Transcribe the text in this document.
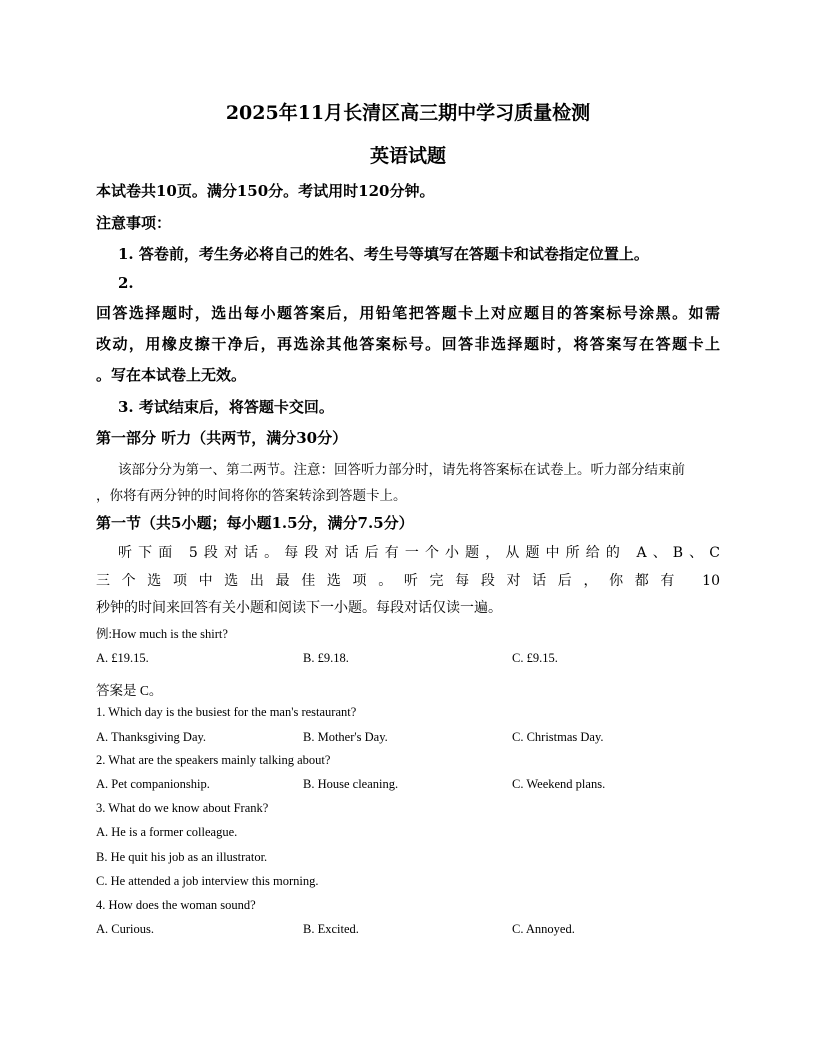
2025年11月长清区高三期中学习质量检测
英语试题
本试卷共10页。满分150分。考试用时120分钟。
注意事项：
1. 答卷前，考生务必将自己的姓名、考生号等填写在答题卡和试卷指定位置上。
2.
回答选择题时，选出每小题答案后，用铅笔把答题卡上对应题目的答案标号涂黑。如需
改动，用橡皮擦干净后，再选涂其他答案标号。回答非选择题时，将答案写在答题卡上
。写在本试卷上无效。
3. 考试结束后，将答题卡交回。
第一部分 听力（共两节，满分30分）
该部分分为第一、第二两节。注意：回答听力部分时，请先将答案标在试卷上。听力部分结束前
，你将有两分钟的时间将你的答案转涂到答题卡上。
第一节（共5小题；每小题1.5分，满分7.5分）
听下面 5段对话。每段对话后有一个小题，从题中所给的 A、B、C
三个选项中选出最佳选项。听完每段对话后，你都有 10
秒钟的时间来回答有关小题和阅读下一小题。每段对话仅读一遍。
例:How much is the shirt?
A. £19.15.	B. £9.18.	C. £9.15.
答案是 C。
1. Which day is the busiest for the man's restaurant?
A. Thanksgiving Day.	B. Mother's Day.	C. Christmas Day.
2. What are the speakers mainly talking about?
A. Pet companionship.	B. House cleaning.	C. Weekend plans.
3. What do we know about Frank?
A. He is a former colleague.
B. He quit his job as an illustrator.
C. He attended a job interview this morning.
4. How does the woman sound?
A. Curious.	B. Excited.	C. Annoyed.
